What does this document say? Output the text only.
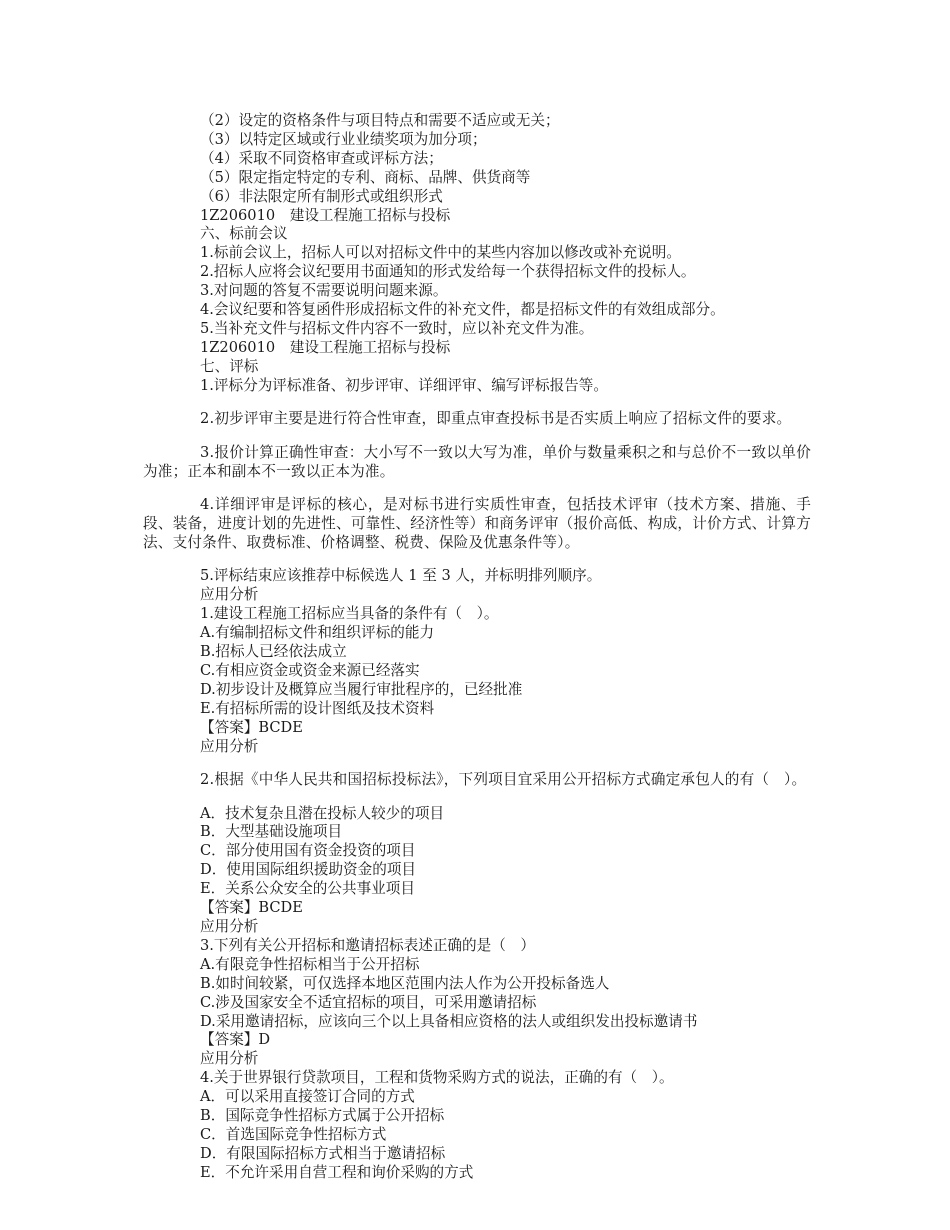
（2）设定的资格条件与项目特点和需要不适应或无关；

（3）以特定区域或行业业绩奖项为加分项；

（4）采取不同资格审查或评标方法；

（5）限定指定特定的专利、商标、品牌、供货商等

（6）非法限定所有制形式或组织形式

1Z206010　建设工程施工招标与投标

六、标前会议

1.标前会议上，招标人可以对招标文件中的某些内容加以修改或补充说明。

2.招标人应将会议纪要用书面通知的形式发给每一个获得招标文件的投标人。

3.对问题的答复不需要说明问题来源。

4.会议纪要和答复函件形成招标文件的补充文件，都是招标文件的有效组成部分。

5.当补充文件与招标文件内容不一致时，应以补充文件为准。

1Z206010　建设工程施工招标与投标

七、评标

1.评标分为评标准备、初步评审、详细评审、编写评标报告等。

2.初步评审主要是进行符合性审查，即重点审查投标书是否实质上响应了招标文件的要求。

3.报价计算正确性审查：大小写不一致以大写为准，单价与数量乘积之和与总价不一致以单价为准；正本和副本不一致以正本为准。

4.详细评审是评标的核心，是对标书进行实质性审查，包括技术评审（技术方案、措施、手段、装备，进度计划的先进性、可靠性、经济性等）和商务评审（报价高低、构成，计价方式、计算方法、支付条件、取费标准、价格调整、税费、保险及优惠条件等）。

5.评标结束应该推荐中标候选人 1 至 3 人，并标明排列顺序。

应用分析

1.建设工程施工招标应当具备的条件有（　）。

A.有编制招标文件和组织评标的能力

B.招标人已经依法成立

C.有相应资金或资金来源已经落实

D.初步设计及概算应当履行审批程序的，已经批准

E.有招标所需的设计图纸及技术资料

【答案】BCDE

应用分析

2.根据《中华人民共和国招标投标法》，下列项目宜采用公开招标方式确定承包人的有（　）。

A．技术复杂且潜在投标人较少的项目

B．大型基础设施项目

C．部分使用国有资金投资的项目

D．使用国际组织援助资金的项目

E．关系公众安全的公共事业项目

【答案】BCDE

应用分析

3.下列有关公开招标和邀请招标表述正确的是（　）

A.有限竞争性招标相当于公开招标

B.如时间较紧，可仅选择本地区范围内法人作为公开投标备选人

C.涉及国家安全不适宜招标的项目，可采用邀请招标

D.采用邀请招标，应该向三个以上具备相应资格的法人或组织发出投标邀请书

【答案】D

应用分析

4.关于世界银行贷款项目，工程和货物采购方式的说法，正确的有（　）。

A．可以采用直接签订合同的方式

B．国际竞争性招标方式属于公开招标

C．首选国际竞争性招标方式

D．有限国际招标方式相当于邀请招标

E．不允许采用自营工程和询价采购的方式
